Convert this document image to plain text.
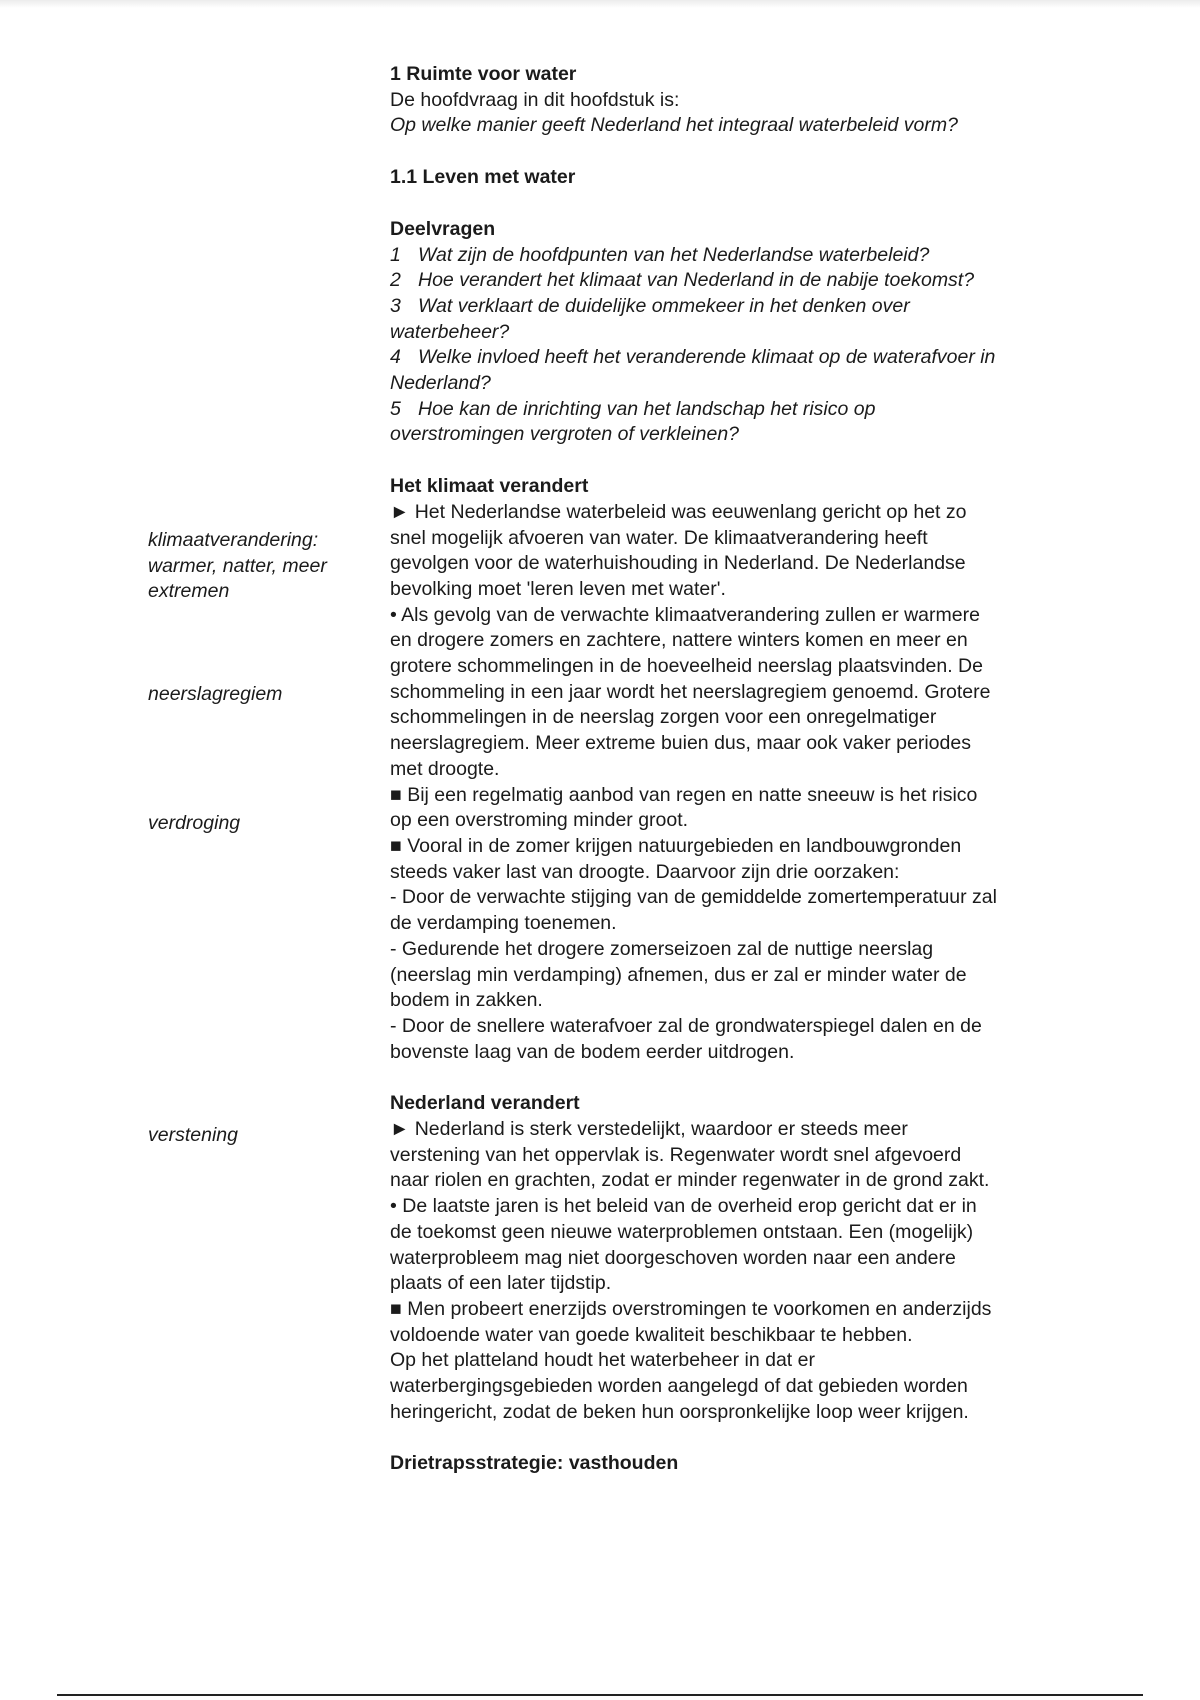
klimaatverandering:
warmer, natter, meer
extremen
neerslagregiem
verdroging
verstening

1 Ruimte voor water

De hoofdvraag in dit hoofdstuk is:

Op welke manier geeft Nederland het integraal waterbeleid vorm?

1.1 Leven met water

Deelvragen

1 Wat zijn de hoofdpunten van het Nederlandse waterbeleid?

2 Hoe verandert het klimaat van Nederland in de nabije toekomst?

3 Wat verklaart de duidelijke ommekeer in het denken over

waterbeheer?

4 Welke invloed heeft het veranderende klimaat op de waterafvoer in

Nederland?

5 Hoe kan de inrichting van het landschap het risico op

overstromingen vergroten of verkleinen?

Het klimaat verandert

► Het Nederlandse waterbeleid was eeuwenlang gericht op het zo

snel mogelijk afvoeren van water. De klimaatverandering heeft

gevolgen voor de waterhuishouding in Nederland. De Nederlandse

bevolking moet 'leren leven met water'.

• Als gevolg van de verwachte klimaatverandering zullen er warmere

en drogere zomers en zachtere, nattere winters komen en meer en

grotere schommelingen in de hoeveelheid neerslag plaatsvinden. De

schommeling in een jaar wordt het neerslagregiem genoemd. Grotere

schommelingen in de neerslag zorgen voor een onregelmatiger

neerslagregiem. Meer extreme buien dus, maar ook vaker periodes

met droogte.

■ Bij een regelmatig aanbod van regen en natte sneeuw is het risico

op een overstroming minder groot.

■ Vooral in de zomer krijgen natuurgebieden en landbouwgronden

steeds vaker last van droogte. Daarvoor zijn drie oorzaken:

- Door de verwachte stijging van de gemiddelde zomertemperatuur zal

de verdamping toenemen.

- Gedurende het drogere zomerseizoen zal de nuttige neerslag

(neerslag min verdamping) afnemen, dus er zal er minder water de

bodem in zakken.

- Door de snellere waterafvoer zal de grondwaterspiegel dalen en de

bovenste laag van de bodem eerder uitdrogen.

Nederland verandert

► Nederland is sterk verstedelijkt, waardoor er steeds meer

verstening van het oppervlak is. Regenwater wordt snel afgevoerd

naar riolen en grachten, zodat er minder regenwater in de grond zakt.

• De laatste jaren is het beleid van de overheid erop gericht dat er in

de toekomst geen nieuwe waterproblemen ontstaan. Een (mogelijk)

waterprobleem mag niet doorgeschoven worden naar een andere

plaats of een later tijdstip.

■ Men probeert enerzijds overstromingen te voorkomen en anderzijds

voldoende water van goede kwaliteit beschikbaar te hebben.

Op het platteland houdt het waterbeheer in dat er

waterbergingsgebieden worden aangelegd of dat gebieden worden

heringericht, zodat de beken hun oorspronkelijke loop weer krijgen.

Drietrapsstrategie: vasthouden
